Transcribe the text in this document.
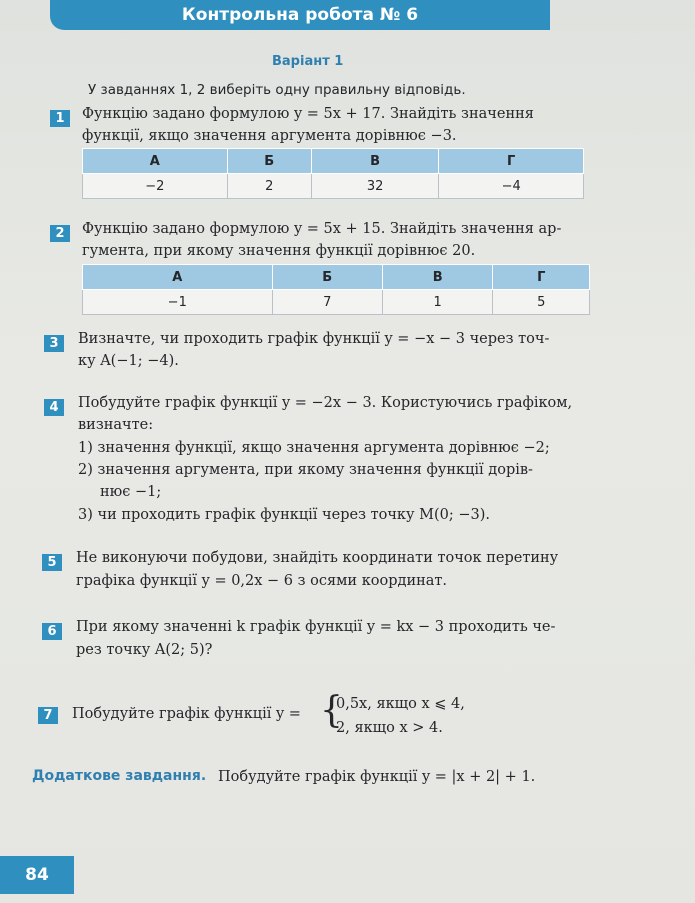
Контрольна робота № 6
Варіант 1
У завданнях 1, 2 виберіть одну правильну відповідь.
1	Функцію задано формулою y = 5x + 17. Знайдіть значення
функції, якщо значення аргумента дорівнює −3.
А	Б	В	Г
−2	2	32	−4
2	Функцію задано формулою y = 5x + 15. Знайдіть значення ар-
гумента, при якому значення функції дорівнює 20.
А	Б	В	Г
−1	7	1	5
3	Визначте, чи проходить графік функції y = −x − 3 через точ-
ку A(−1; −4).
4	Побудуйте графік функції y = −2x − 3. Користуючись графіком,
визначте:
1) значення функції, якщо значення аргумента дорівнює −2;
2) значення аргумента, при якому значення функції дорів-
нює −1;
3) чи проходить графік функції через точку M(0; −3).
5	Не виконуючи побудови, знайдіть координати точок перетину
графіка функції y = 0,2x − 6 з осями координат.
6	При якому значенні k графік функції y = kx − 3 проходить че-
рез точку A(2; 5)?
7	Побудуйте графік функції y = {
0,5x, якщо x ⩽ 4,
2, якщо x > 4.
Додаткове завдання. Побудуйте графік функції y = |x + 2| + 1.
84
